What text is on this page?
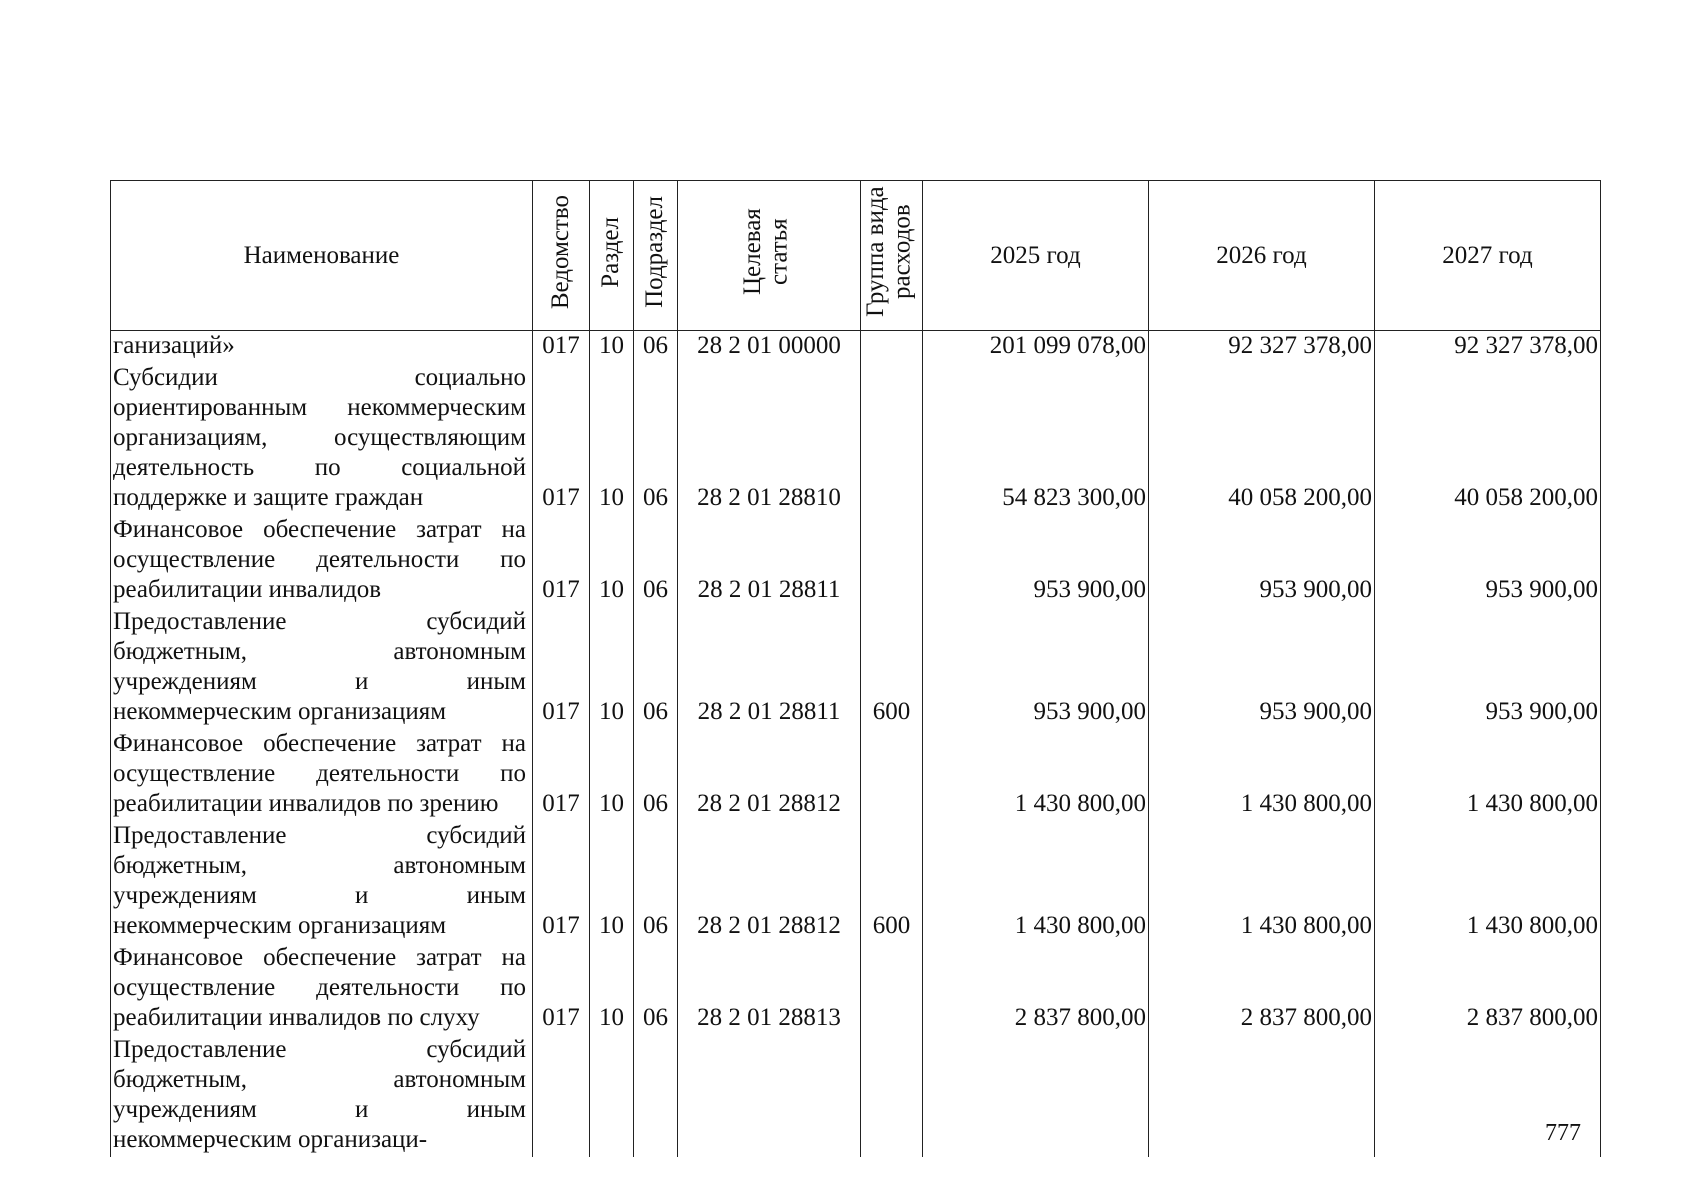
Наименование	Ведомство	Раздел	Подраздел	Целевая статья	Группа вида расходов	2025 год	2026 год	2027 год
ганизаций»	017	10	06	28 2 01 00000		201 099 078,00	92 327 378,00	92 327 378,00
Субсидии социально ориентированным некоммерческим организациям, осуществляющим деятельность по социальной поддержке и защите граждан	017	10	06	28 2 01 28810		54 823 300,00	40 058 200,00	40 058 200,00
Финансовое обеспечение затрат на осуществление деятельности по реабилитации инвалидов	017	10	06	28 2 01 28811		953 900,00	953 900,00	953 900,00
Предоставление субсидий бюджетным, автономным учреждениям и иным некоммерческим организациям	017	10	06	28 2 01 28811	600	953 900,00	953 900,00	953 900,00
Финансовое обеспечение затрат на осуществление деятельности по реабилитации инвалидов по зрению	017	10	06	28 2 01 28812		1 430 800,00	1 430 800,00	1 430 800,00
Предоставление субсидий бюджетным, автономным учреждениям и иным некоммерческим организациям	017	10	06	28 2 01 28812	600	1 430 800,00	1 430 800,00	1 430 800,00
Финансовое обеспечение затрат на осуществление деятельности по реабилитации инвалидов по слуху	017	10	06	28 2 01 28813		2 837 800,00	2 837 800,00	2 837 800,00
Предоставление субсидий бюджетным, автономным учреждениям и иным некоммерческим организаци-									777
